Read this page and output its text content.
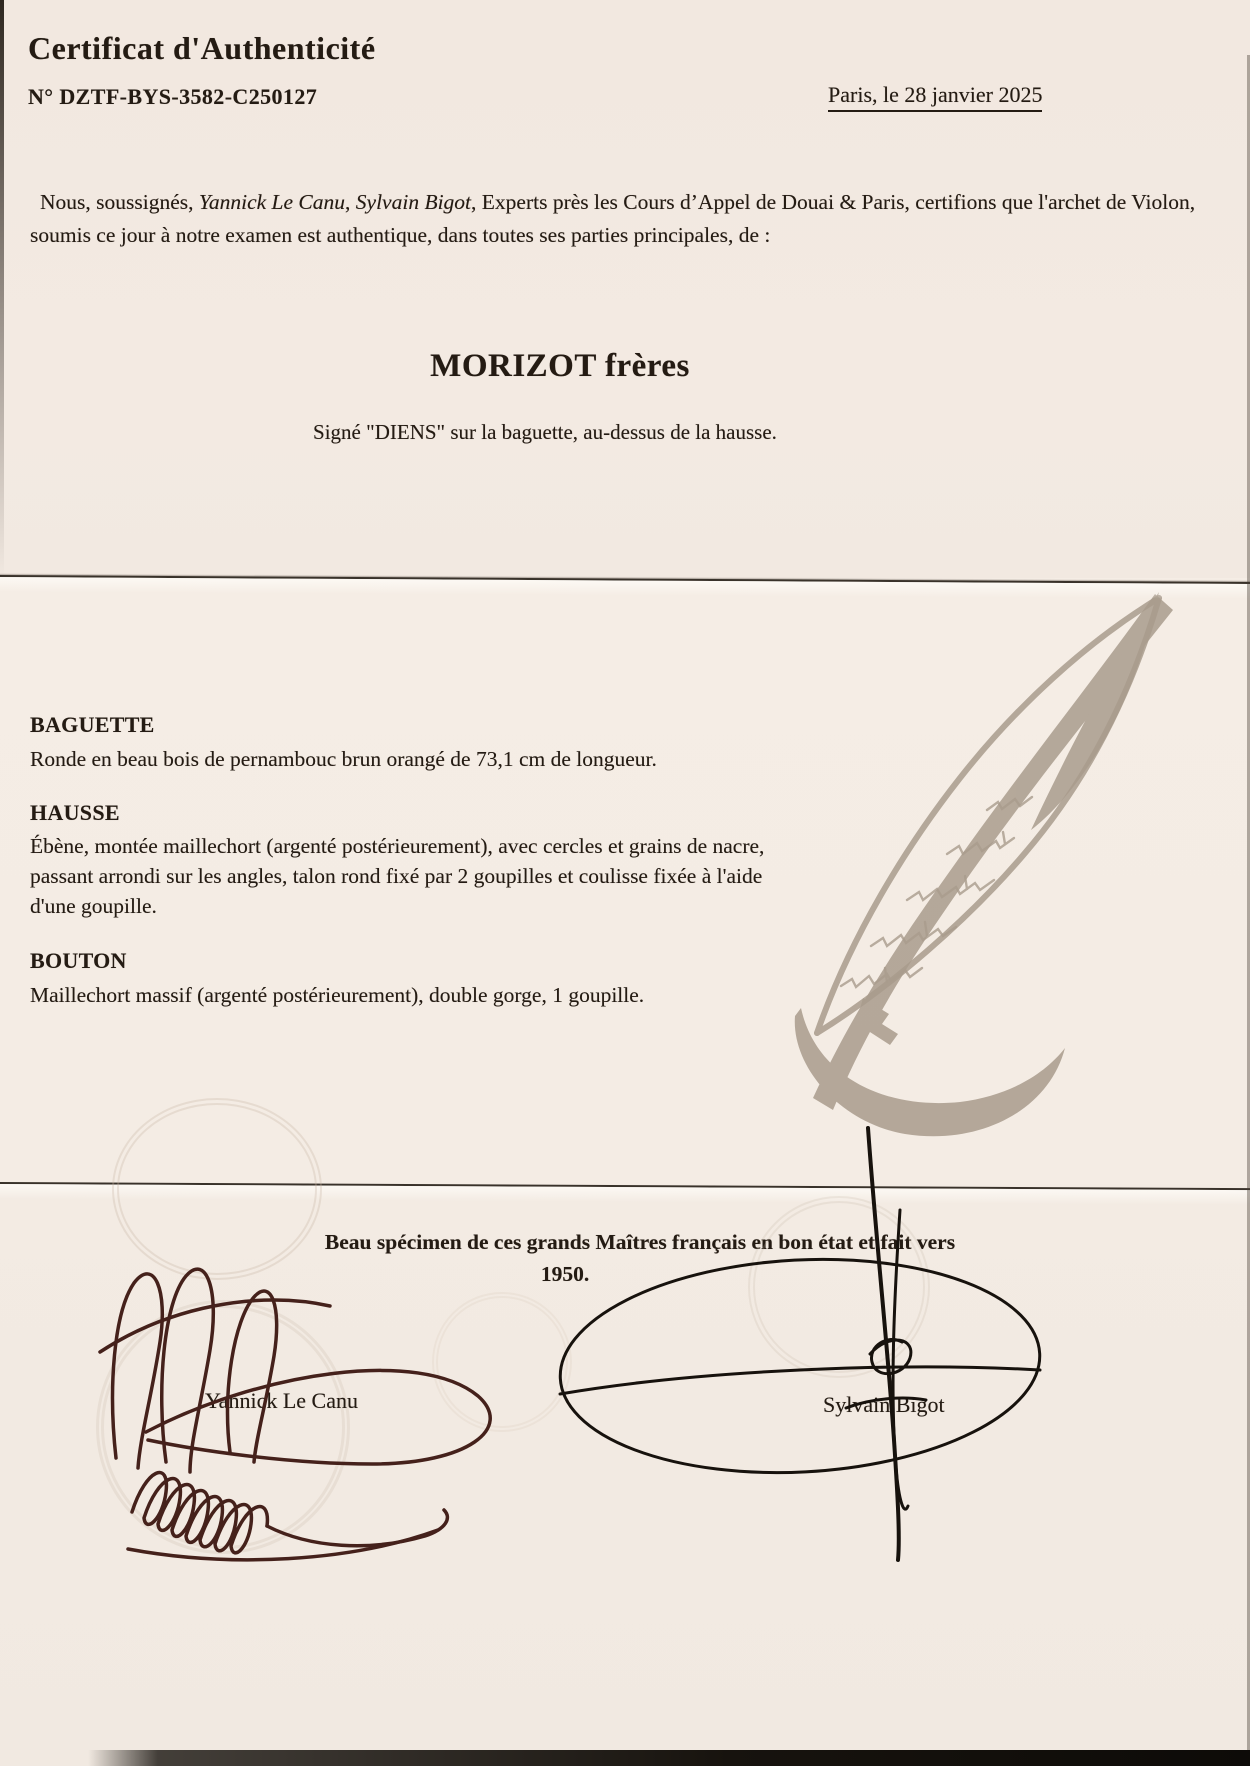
Certificat d'Authenticité
N° DZTF-BYS-3582-C250127	Paris, le 28 janvier 2025

Nous, soussignés, Yannick Le Canu, Sylvain Bigot, Experts près les Cours d’Appel de Douai & Paris, certifions que l'archet de Violon, soumis ce jour à notre examen est authentique, dans toutes ses parties principales, de :

MORIZOT frères
Signé "DIENS" sur la baguette, au-dessus de la hausse.
BAGUETTE
Ronde en beau bois de pernambouc brun orangé de 73,1 cm de longueur.
HAUSSE
Ébène, montée maillechort (argenté postérieurement), avec cercles et grains de nacre, passant arrondi sur les angles, talon rond fixé par 2 goupilles et coulisse fixée à l'aide d'une goupille.
BOUTON
Maillechort massif (argenté postérieurement), double gorge, 1 goupille.
Beau spécimen de ces grands Maîtres français en bon état et fait vers
1950.
Yannick Le Canu	Sylvain Bigot
